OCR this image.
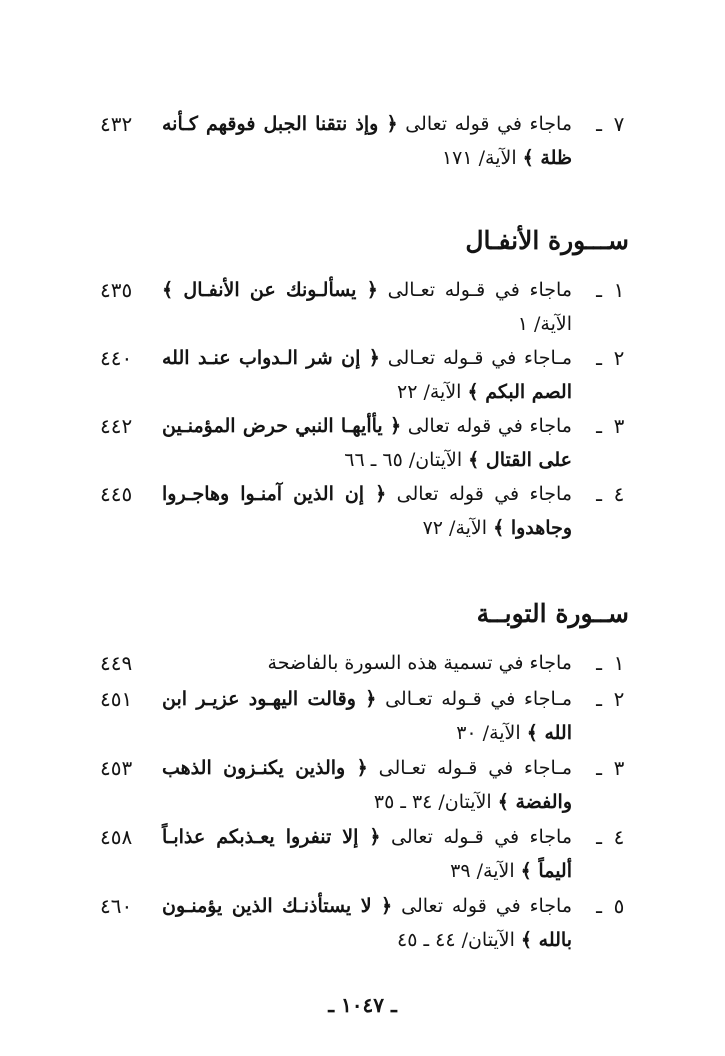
٧
ـ
ماجاء في قوله تعالى ﴿ وإذ نتقنا الجبل فوقهم كـأنه ظلة ﴾ الآية/ ١٧١
٤٣٢
ســـورة الأنفـال
١
ـ
ماجاء في قـوله تعـالى ﴿ يسألـونك عن الأنفـال ﴾ الآية/ ١
٤٣٥
٢
ـ
مـاجاء في قـوله تعـالى ﴿ إن شر الـدواب عنـد الله الصم البكم ﴾ الآية/ ٢٢
٤٤٠
٣
ـ
ماجاء في قوله تعالى ﴿ يأأيهـا النبي حرض المؤمنـين على القتال ﴾ الآيتان/ ٦٥ ـ ٦٦
٤٤٢
٤
ـ
ماجاء في قوله تعالى ﴿ إن الذين آمنـوا وهاجـروا وجاهدوا ﴾ الآية/ ٧٢
٤٤٥
ســورة التوبــة
١
ـ
ماجاء في تسمية هذه السورة بالفاضحة
٤٤٩
٢
ـ
مـاجاء في قـوله تعـالى ﴿ وقالت اليهـود عزيـر ابن الله ﴾ الآية/ ٣٠
٤٥١
٣
ـ
مـاجاء في قـوله تعـالى ﴿ والذين يكنـزون الذهب والفضة ﴾ الآيتان/ ٣٤ ـ ٣٥
٤٥٣
٤
ـ
ماجاء في قـوله تعالى ﴿ إلا تنفروا يعـذبكم عذابـاً أليماً ﴾ الآية/ ٣٩
٤٥٨
٥
ـ
ماجاء في قوله تعالى ﴿ لا يستأذنـك الذين يؤمنـون بالله ﴾ الآيتان/ ٤٤ ـ ٤٥
٤٦٠
ـ ١٠٤٧ ـ
